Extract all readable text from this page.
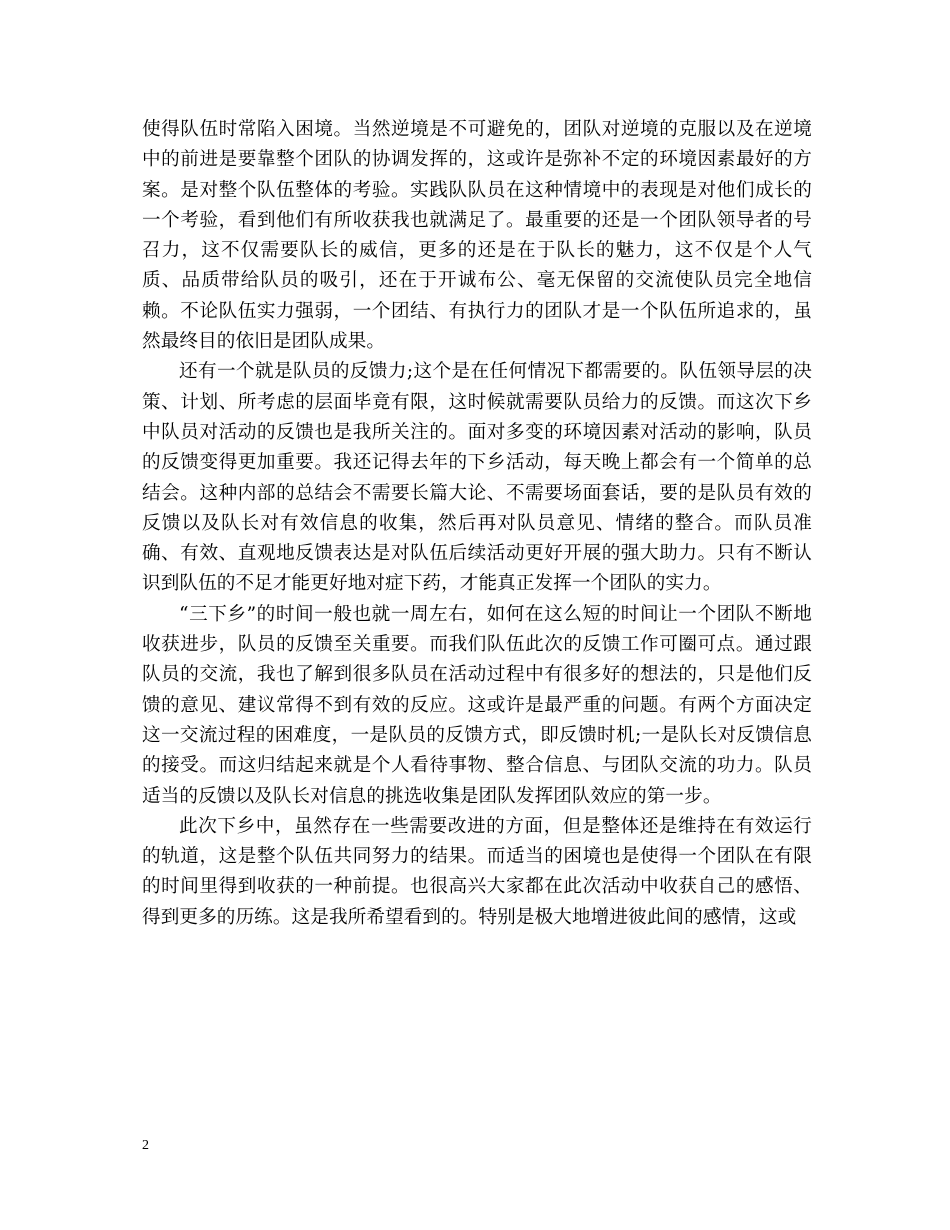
使得队伍时常陷入困境。当然逆境是不可避免的，团队对逆境的克服以及在逆境中的前进是要靠整个团队的协调发挥的，这或许是弥补不定的环境因素最好的方案。是对整个队伍整体的考验。实践队队员在这种情境中的表现是对他们成长的一个考验，看到他们有所收获我也就满足了。最重要的还是一个团队领导者的号召力，这不仅需要队长的威信，更多的还是在于队长的魅力，这不仅是个人气质、品质带给队员的吸引，还在于开诚布公、毫无保留的交流使队员完全地信赖。不论队伍实力强弱，一个团结、有执行力的团队才是一个队伍所追求的，虽然最终目的依旧是团队成果。

还有一个就是队员的反馈力;这个是在任何情况下都需要的。队伍领导层的决策、计划、所考虑的层面毕竟有限，这时候就需要队员给力的反馈。而这次下乡中队员对活动的反馈也是我所关注的。面对多变的环境因素对活动的影响，队员的反馈变得更加重要。我还记得去年的下乡活动，每天晚上都会有一个简单的总结会。这种内部的总结会不需要长篇大论、不需要场面套话，要的是队员有效的反馈以及队长对有效信息的收集，然后再对队员意见、情绪的整合。而队员准确、有效、直观地反馈表达是对队伍后续活动更好开展的强大助力。只有不断认识到队伍的不足才能更好地对症下药，才能真正发挥一个团队的实力。

“三下乡”的时间一般也就一周左右，如何在这么短的时间让一个团队不断地收获进步，队员的反馈至关重要。而我们队伍此次的反馈工作可圈可点。通过跟队员的交流，我也了解到很多队员在活动过程中有很多好的想法的，只是他们反馈的意见、建议常得不到有效的反应。这或许是最严重的问题。有两个方面决定这一交流过程的困难度，一是队员的反馈方式，即反馈时机;一是队长对反馈信息的接受。而这归结起来就是个人看待事物、整合信息、与团队交流的功力。队员适当的反馈以及队长对信息的挑选收集是团队发挥团队效应的第一步。

此次下乡中，虽然存在一些需要改进的方面，但是整体还是维持在有效运行的轨道，这是整个队伍共同努力的结果。而适当的困境也是使得一个团队在有限的时间里得到收获的一种前提。也很高兴大家都在此次活动中收获自己的感悟、得到更多的历练。这是我所希望看到的。特别是极大地增进彼此间的感情，这或

2
